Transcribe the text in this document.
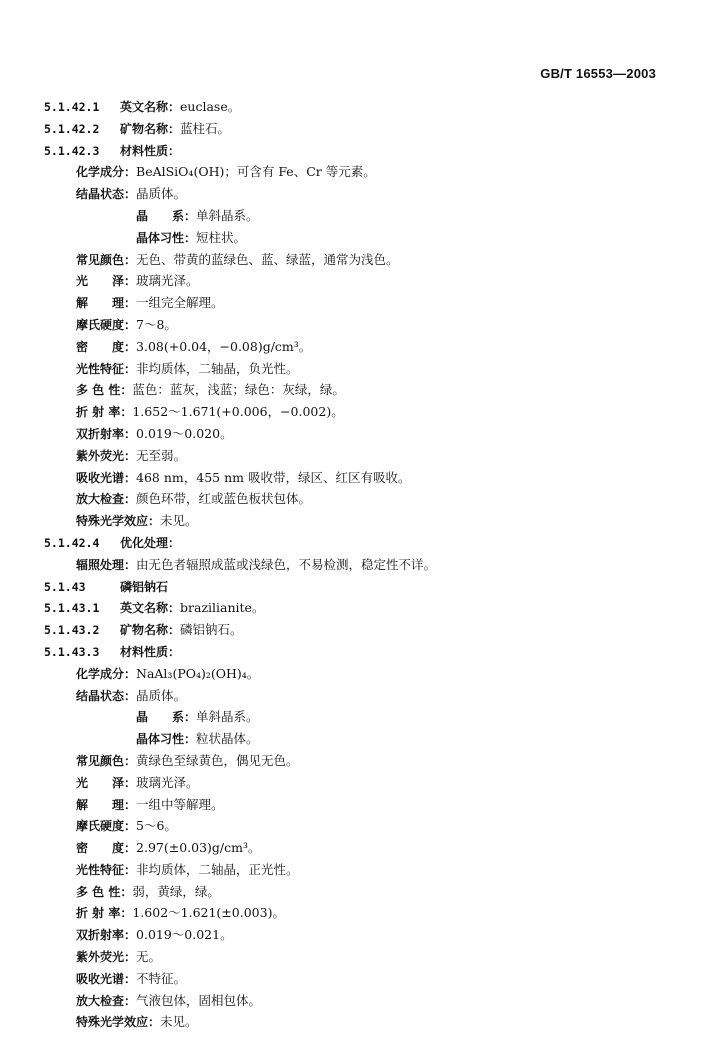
GB/T 16553—2003
5.1.42.1 英文名称：euclase。
5.1.42.2 矿物名称：蓝柱石。
5.1.42.3 材料性质：
化学成分：BeAlSiO₄(OH)；可含有 Fe、Cr 等元素。
结晶状态：晶质体。
晶　　系：单斜晶系。
晶体习性：短柱状。
常见颜色：无色、带黄的蓝绿色、蓝、绿蓝，通常为浅色。
光　　泽：玻璃光泽。
解　　理：一组完全解理。
摩氏硬度：7～8。
密　　度：3.08(+0.04，−0.08)g/cm³。
光性特征：非均质体，二轴晶，负光性。
多 色 性：蓝色：蓝灰，浅蓝；绿色：灰绿，绿。
折 射 率：1.652～1.671(+0.006，−0.002)。
双折射率：0.019～0.020。
紫外荧光：无至弱。
吸收光谱：468 nm，455 nm 吸收带，绿区、红区有吸收。
放大检查：颜色环带，红或蓝色板状包体。
特殊光学效应：未见。
5.1.42.4 优化处理：
辐照处理：由无色者辐照成蓝或浅绿色，不易检测，稳定性不详。
5.1.43	磷铝钠石
5.1.43.1 英文名称：brazilianite。
5.1.43.2 矿物名称：磷铝钠石。
5.1.43.3 材料性质：
化学成分：NaAl₃(PO₄)₂(OH)₄。
结晶状态：晶质体。
晶　　系：单斜晶系。
晶体习性：粒状晶体。
常见颜色：黄绿色至绿黄色，偶见无色。
光　　泽：玻璃光泽。
解　　理：一组中等解理。
摩氏硬度：5～6。
密　　度：2.97(±0.03)g/cm³。
光性特征：非均质体，二轴晶，正光性。
多 色 性：弱，黄绿，绿。
折 射 率：1.602～1.621(±0.003)。
双折射率：0.019～0.021。
紫外荧光：无。
吸收光谱：不特征。
放大检查：气液包体，固相包体。
特殊光学效应：未见。
